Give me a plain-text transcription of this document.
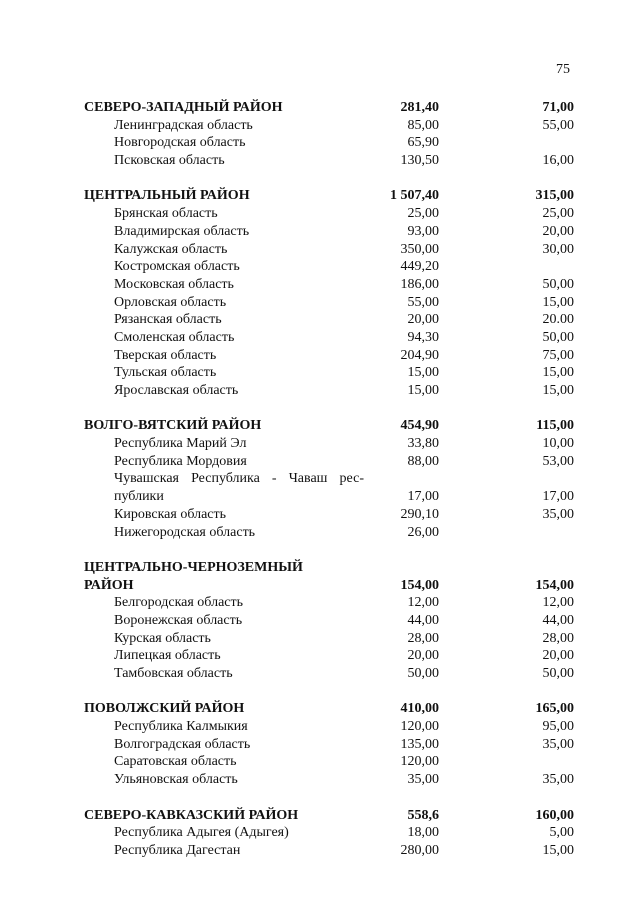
75
СЕВЕРО-ЗАПАДНЫЙ РАЙОН	281,40	71,00
Ленинградская область	85,00	55,00
Новгородская область	65,90
Псковская область	130,50	16,00
ЦЕНТРАЛЬНЫЙ РАЙОН	1 507,40	315,00
Брянская область	25,00	25,00
Владимирская область	93,00	20,00
Калужская область	350,00	30,00
Костромская область	449,20
Московская область	186,00	50,00
Орловская область	55,00	15,00
Рязанская область	20,00	20.00
Смоленская область	94,30	50,00
Тверская область	204,90	75,00
Тульская область	15,00	15,00
Ярославская область	15,00	15,00
ВОЛГО-ВЯТСКИЙ РАЙОН	454,90	115,00
Республика Марий Эл	33,80	10,00
Республика Мордовия	88,00	53,00
Чувашская Республика - Чаваш рес-
публики	17,00	17,00
Кировская область	290,10	35,00
Нижегородская область	26,00
ЦЕНТРАЛЬНО-ЧЕРНОЗЕМНЫЙ
РАЙОН	154,00	154,00
Белгородская область	12,00	12,00
Воронежская область	44,00	44,00
Курская область	28,00	28,00
Липецкая область	20,00	20,00
Тамбовская область	50,00	50,00
ПОВОЛЖСКИЙ РАЙОН	410,00	165,00
Республика Калмыкия	120,00	95,00
Волгоградская область	135,00	35,00
Саратовская область	120,00
Ульяновская область	35,00	35,00
СЕВЕРО-КАВКАЗСКИЙ РАЙОН	558,6	160,00
Республика Адыгея (Адыгея)	18,00	5,00
Республика Дагестан	280,00	15,00
